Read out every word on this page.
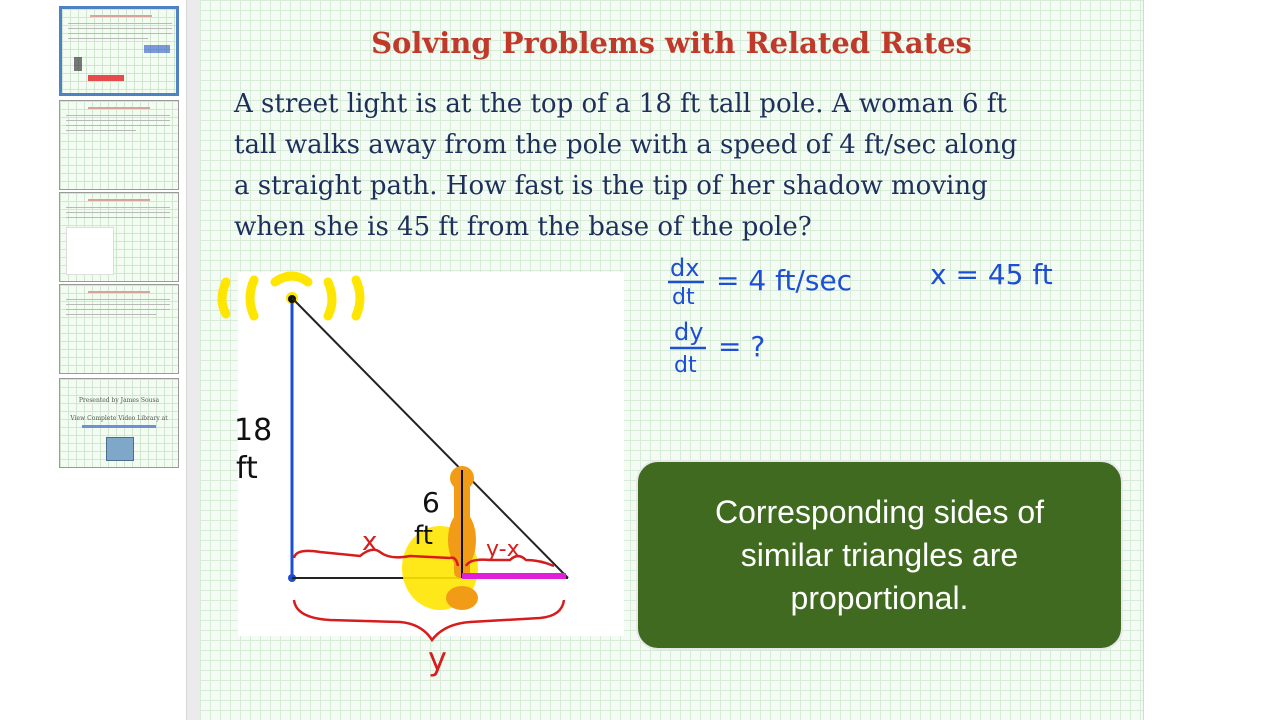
Presented by James Sousa
View Complete Video Library at
Solving Problems with Related Rates
A street light is at the top of a 18 ft tall pole. A woman 6 ft
tall walks away from the pole with a speed of 4 ft/sec along
a straight path. How fast is the tip of her shadow moving
when she is 45 ft from the base of the pole?
18
ft
6
ft
x	y-x
y
dx
dt
= 4 ft/sec	x = 45 ft
dy
dt
= ?
Corresponding sides of similar triangles are proportional.
